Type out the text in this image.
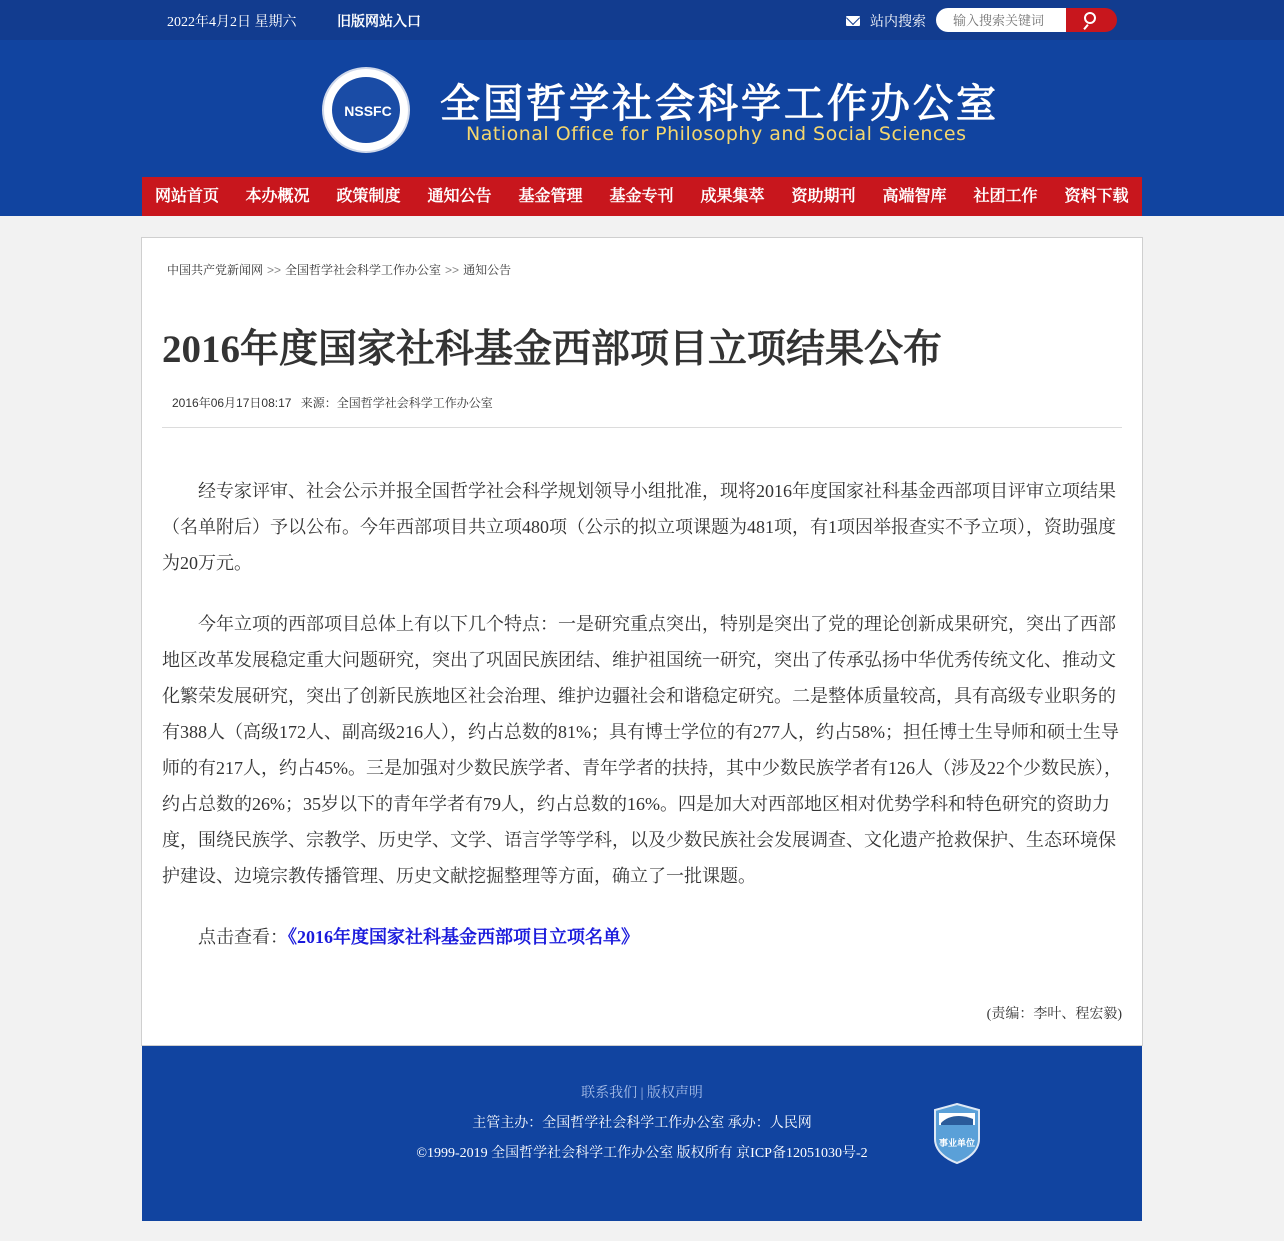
2022年4月2日 星期六	旧版网站入口	站内搜索
输入搜索关键词
NSSFC	全国哲学社会科学工作办公室
National Office for Philosophy and Social Sciences
网站首页	本办概况	政策制度	通知公告	基金管理	基金专刊	成果集萃	资助期刊	高端智库	社团工作	资料下载
中国共产党新闻网 >> 全国哲学社会科学工作办公室 >> 通知公告
2016年度国家社科基金西部项目立项结果公布
2016年06月17日08:17 来源：全国哲学社会科学工作办公室

经专家评审、社会公示并报全国哲学社会科学规划领导小组批准，现将2016年度国家社科基金西部项目评审立项结果（名单附后）予以公布。今年西部项目共立项480项（公示的拟立项课题为481项，有1项因举报查实不予立项），资助强度为20万元。

今年立项的西部项目总体上有以下几个特点：一是研究重点突出，特别是突出了党的理论创新成果研究，突出了西部地区改革发展稳定重大问题研究，突出了巩固民族团结、维护祖国统一研究，突出了传承弘扬中华优秀传统文化、推动文化繁荣发展研究，突出了创新民族地区社会治理、维护边疆社会和谐稳定研究。二是整体质量较高，具有高级专业职务的有388人（高级172人、副高级216人），约占总数的81%；具有博士学位的有277人，约占58%；担任博士生导师和硕士生导师的有217人，约占45%。三是加强对少数民族学者、青年学者的扶持，其中少数民族学者有126人（涉及22个少数民族），约占总数的26%；35岁以下的青年学者有79人，约占总数的16%。四是加大对西部地区相对优势学科和特色研究的资助力度，围绕民族学、宗教学、历史学、文学、语言学等学科，以及少数民族社会发展调查、文化遗产抢救保护、生态环境保护建设、边境宗教传播管理、历史文献挖掘整理等方面，确立了一批课题。

点击查看：《2016年度国家社科基金西部项目立项名单》

(责编：李叶、程宏毅)
联系我们 | 版权声明
主管主办：全国哲学社会科学工作办公室 承办：人民网
©1999-2019 全国哲学社会科学工作办公室 版权所有 京ICP备12051030号-2
事业单位
